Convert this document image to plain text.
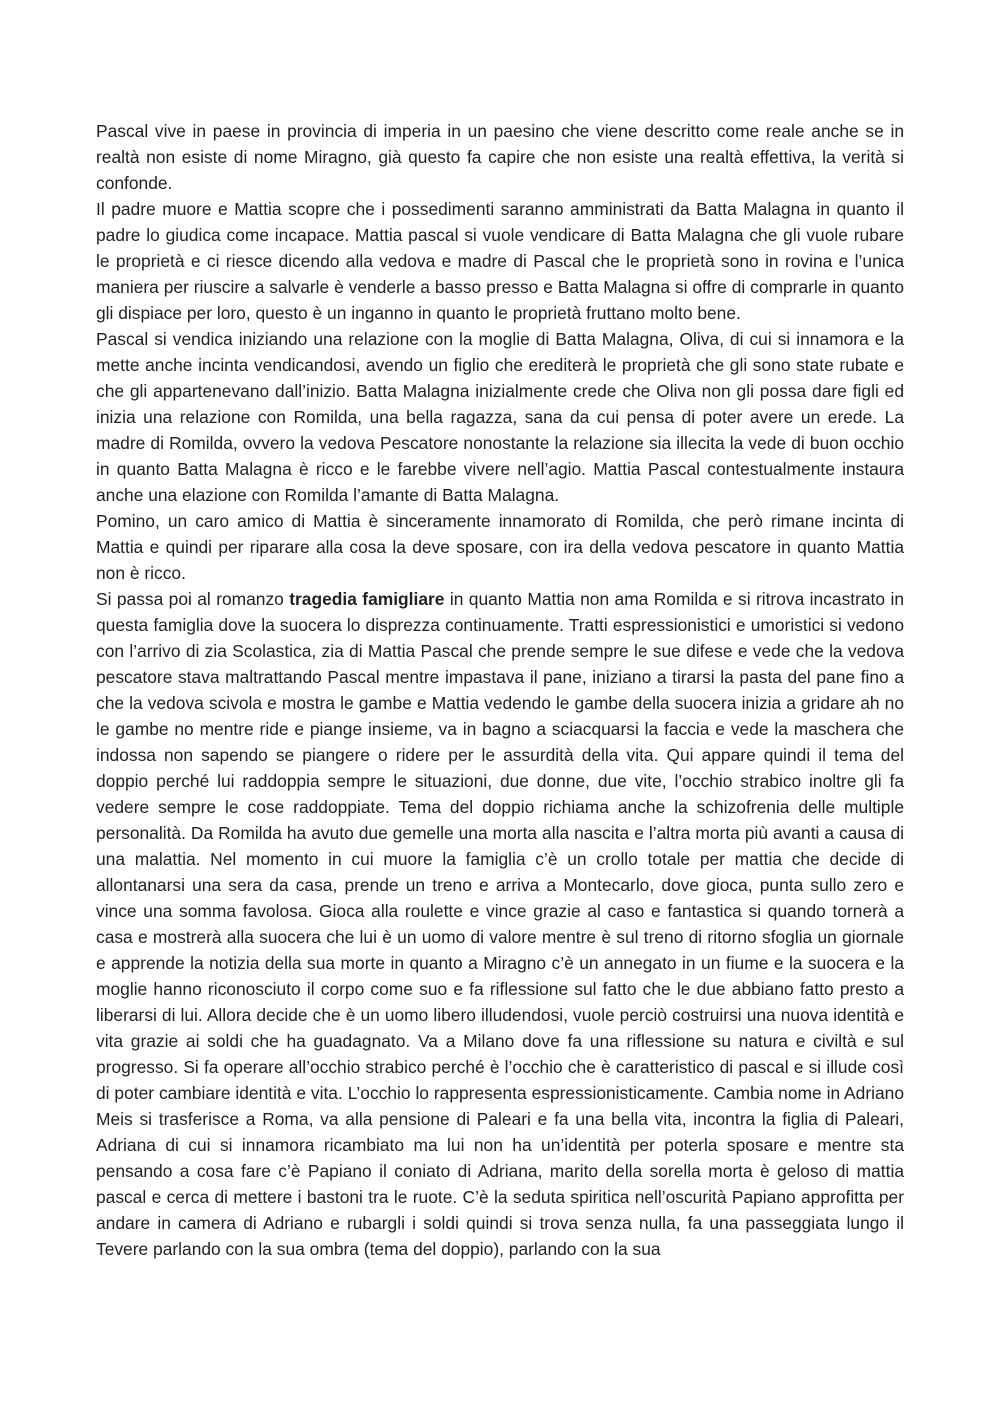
Pascal vive in paese in provincia di imperia in un paesino che viene descritto come reale anche se in realtà non esiste di nome Miragno, già questo fa capire che non esiste una realtà effettiva, la verità si confonde.

Il padre muore e Mattia scopre che i possedimenti saranno amministrati da Batta Malagna in quanto il padre lo giudica come incapace. Mattia pascal si vuole vendicare di Batta Malagna che gli vuole rubare le proprietà e ci riesce dicendo alla vedova e madre di Pascal che le proprietà sono in rovina e l’unica maniera per riuscire a salvarle è venderle a basso presso e Batta Malagna si offre di comprarle in quanto gli dispiace per loro, questo è un inganno in quanto le proprietà fruttano molto bene.

Pascal si vendica iniziando una relazione con la moglie di Batta Malagna, Oliva, di cui si innamora e la mette anche incinta vendicandosi, avendo un figlio che erediterà le proprietà che gli sono state rubate e che gli appartenevano dall’inizio. Batta Malagna inizialmente crede che Oliva non gli possa dare figli ed inizia una relazione con Romilda, una bella ragazza, sana da cui pensa di poter avere un erede. La madre di Romilda, ovvero la vedova Pescatore nonostante la relazione sia illecita la vede di buon occhio in quanto Batta Malagna è ricco e le farebbe vivere nell’agio. Mattia Pascal contestualmente instaura anche una elazione con Romilda l’amante di Batta Malagna.

Pomino, un caro amico di Mattia è sinceramente innamorato di Romilda, che però rimane incinta di Mattia e quindi per riparare alla cosa la deve sposare, con ira della vedova pescatore in quanto Mattia non è ricco.

Si passa poi al romanzo tragedia famigliare in quanto Mattia non ama Romilda e si ritrova incastrato in questa famiglia dove la suocera lo disprezza continuamente. Tratti espressionistici e umoristici si vedono con l’arrivo di zia Scolastica, zia di Mattia Pascal che prende sempre le sue difese e vede che la vedova pescatore stava maltrattando Pascal mentre impastava il pane, iniziano a tirarsi la pasta del pane fino a che la vedova scivola e mostra le gambe e Mattia vedendo le gambe della suocera inizia a gridare ah no le gambe no mentre ride e piange insieme, va in bagno a sciacquarsi la faccia e vede la maschera che indossa non sapendo se piangere o ridere per le assurdità della vita. Qui appare quindi il tema del doppio perché lui raddoppia sempre le situazioni, due donne, due vite, l’occhio strabico inoltre gli fa vedere sempre le cose raddoppiate. Tema del doppio richiama anche la schizofrenia delle multiple personalità. Da Romilda ha avuto due gemelle una morta alla nascita e l’altra morta più avanti a causa di una malattia. Nel momento in cui muore la famiglia c’è un crollo totale per mattia che decide di allontanarsi una sera da casa, prende un treno e arriva a Montecarlo, dove gioca, punta sullo zero e vince una somma favolosa. Gioca alla roulette e vince grazie al caso e fantastica si quando tornerà a casa e mostrerà alla suocera che lui è un uomo di valore mentre è sul treno di ritorno sfoglia un giornale e apprende la notizia della sua morte in quanto a Miragno c’è un annegato in un fiume e la suocera e la moglie hanno riconosciuto il corpo come suo e fa riflessione sul fatto che le due abbiano fatto presto a liberarsi di lui. Allora decide che è un uomo libero illudendosi, vuole perciò costruirsi una nuova identità e vita grazie ai soldi che ha guadagnato. Va a Milano dove fa una riflessione su natura e civiltà e sul progresso. Si fa operare all’occhio strabico perché è l’occhio che è caratteristico di pascal e si illude così di poter cambiare identità e vita. L’occhio lo rappresenta espressionisticamente. Cambia nome in Adriano Meis si trasferisce a Roma, va alla pensione di Paleari e fa una bella vita, incontra la figlia di Paleari, Adriana di cui si innamora ricambiato ma lui non ha un’identità per poterla sposare e mentre sta pensando a cosa fare c’è Papiano il coniato di Adriana, marito della sorella morta è geloso di mattia pascal e cerca di mettere i bastoni tra le ruote. C’è la seduta spiritica nell’oscurità Papiano approfitta per andare in camera di Adriano e rubargli i soldi quindi si trova senza nulla, fa una passeggiata lungo il Tevere parlando con la sua ombra (tema del doppio), parlando con la sua
